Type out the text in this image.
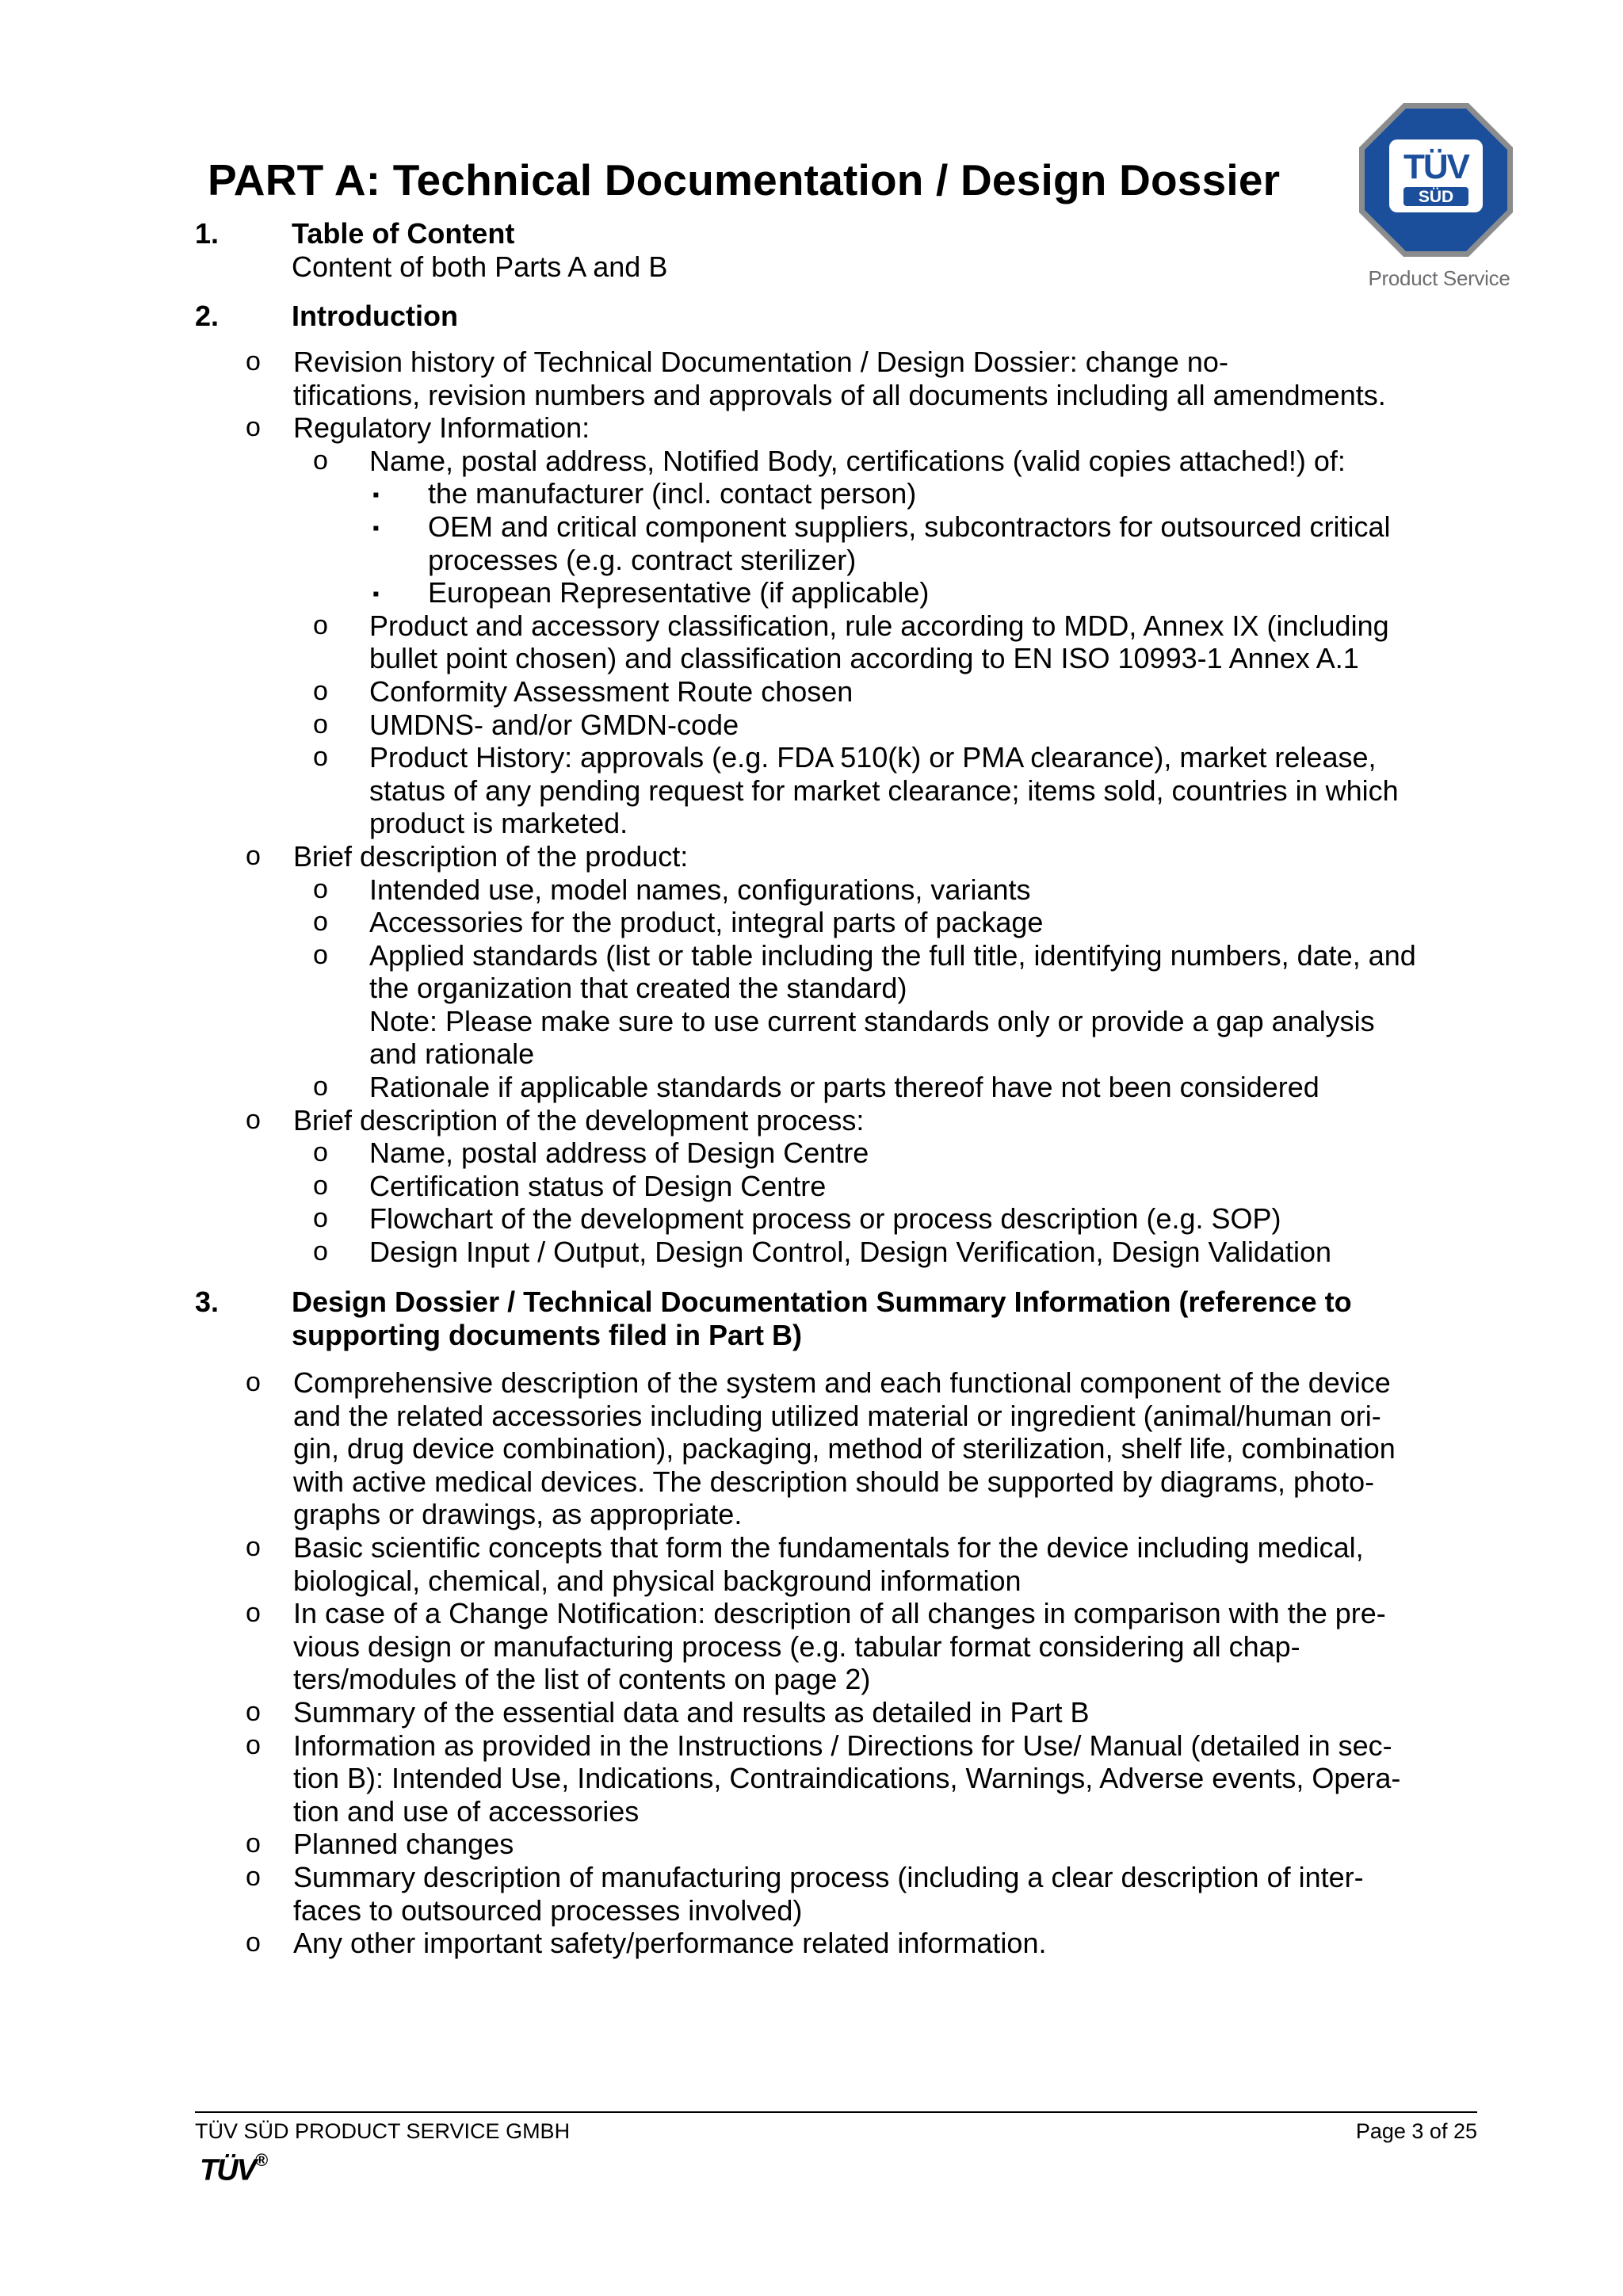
PART A: Technical Documentation / Design Dossier	TÜV
SÜD
Product Service
1.	Table of Content
Content of both Parts A and B
2.	Introduction
o Revision history of Technical Documentation / Design Dossier: change no-
tifications, revision numbers and approvals of all documents including all amendments.
o Regulatory Information:
o Name, postal address, Notified Body, certifications (valid copies attached!) of:
▪ the manufacturer (incl. contact person)
▪ OEM and critical component suppliers, subcontractors for outsourced critical
processes (e.g. contract sterilizer)
▪ European Representative (if applicable)
o Product and accessory classification, rule according to MDD, Annex IX (including
bullet point chosen) and classification according to EN ISO 10993-1 Annex A.1
o Conformity Assessment Route chosen
o UMDNS- and/or GMDN-code
o Product History: approvals (e.g. FDA 510(k) or PMA clearance), market release,
status of any pending request for market clearance; items sold, countries in which
product is marketed.
o Brief description of the product:
o Intended use, model names, configurations, variants
o Accessories for the product, integral parts of package
o Applied standards (list or table including the full title, identifying numbers, date, and
the organization that created the standard)
Note: Please make sure to use current standards only or provide a gap analysis
and rationale
o Rationale if applicable standards or parts thereof have not been considered
o Brief description of the development process:
o Name, postal address of Design Centre
o Certification status of Design Centre
o Flowchart of the development process or process description (e.g. SOP)
o Design Input / Output, Design Control, Design Verification, Design Validation
3.	Design Dossier / Technical Documentation Summary Information (reference to
supporting documents filed in Part B)
o Comprehensive description of the system and each functional component of the device
and the related accessories including utilized material or ingredient (animal/human ori-
gin, drug device combination), packaging, method of sterilization, shelf life, combination
with active medical devices. The description should be supported by diagrams, photo-
graphs or drawings, as appropriate.
o Basic scientific concepts that form the fundamentals for the device including medical,
biological, chemical, and physical background information
o In case of a Change Notification: description of all changes in comparison with the pre-
vious design or manufacturing process (e.g. tabular format considering all chap-
ters/modules of the list of contents on page 2)
o Summary of the essential data and results as detailed in Part B
o Information as provided in the Instructions / Directions for Use/ Manual (detailed in sec-
tion B): Intended Use, Indications, Contraindications, Warnings, Adverse events, Opera-
tion and use of accessories
o Planned changes
o Summary description of manufacturing process (including a clear description of inter-
faces to outsourced processes involved)
o Any other important safety/performance related information.
TÜV SÜD PRODUCT SERVICE GMBH	Page 3 of 25
TÜV®
